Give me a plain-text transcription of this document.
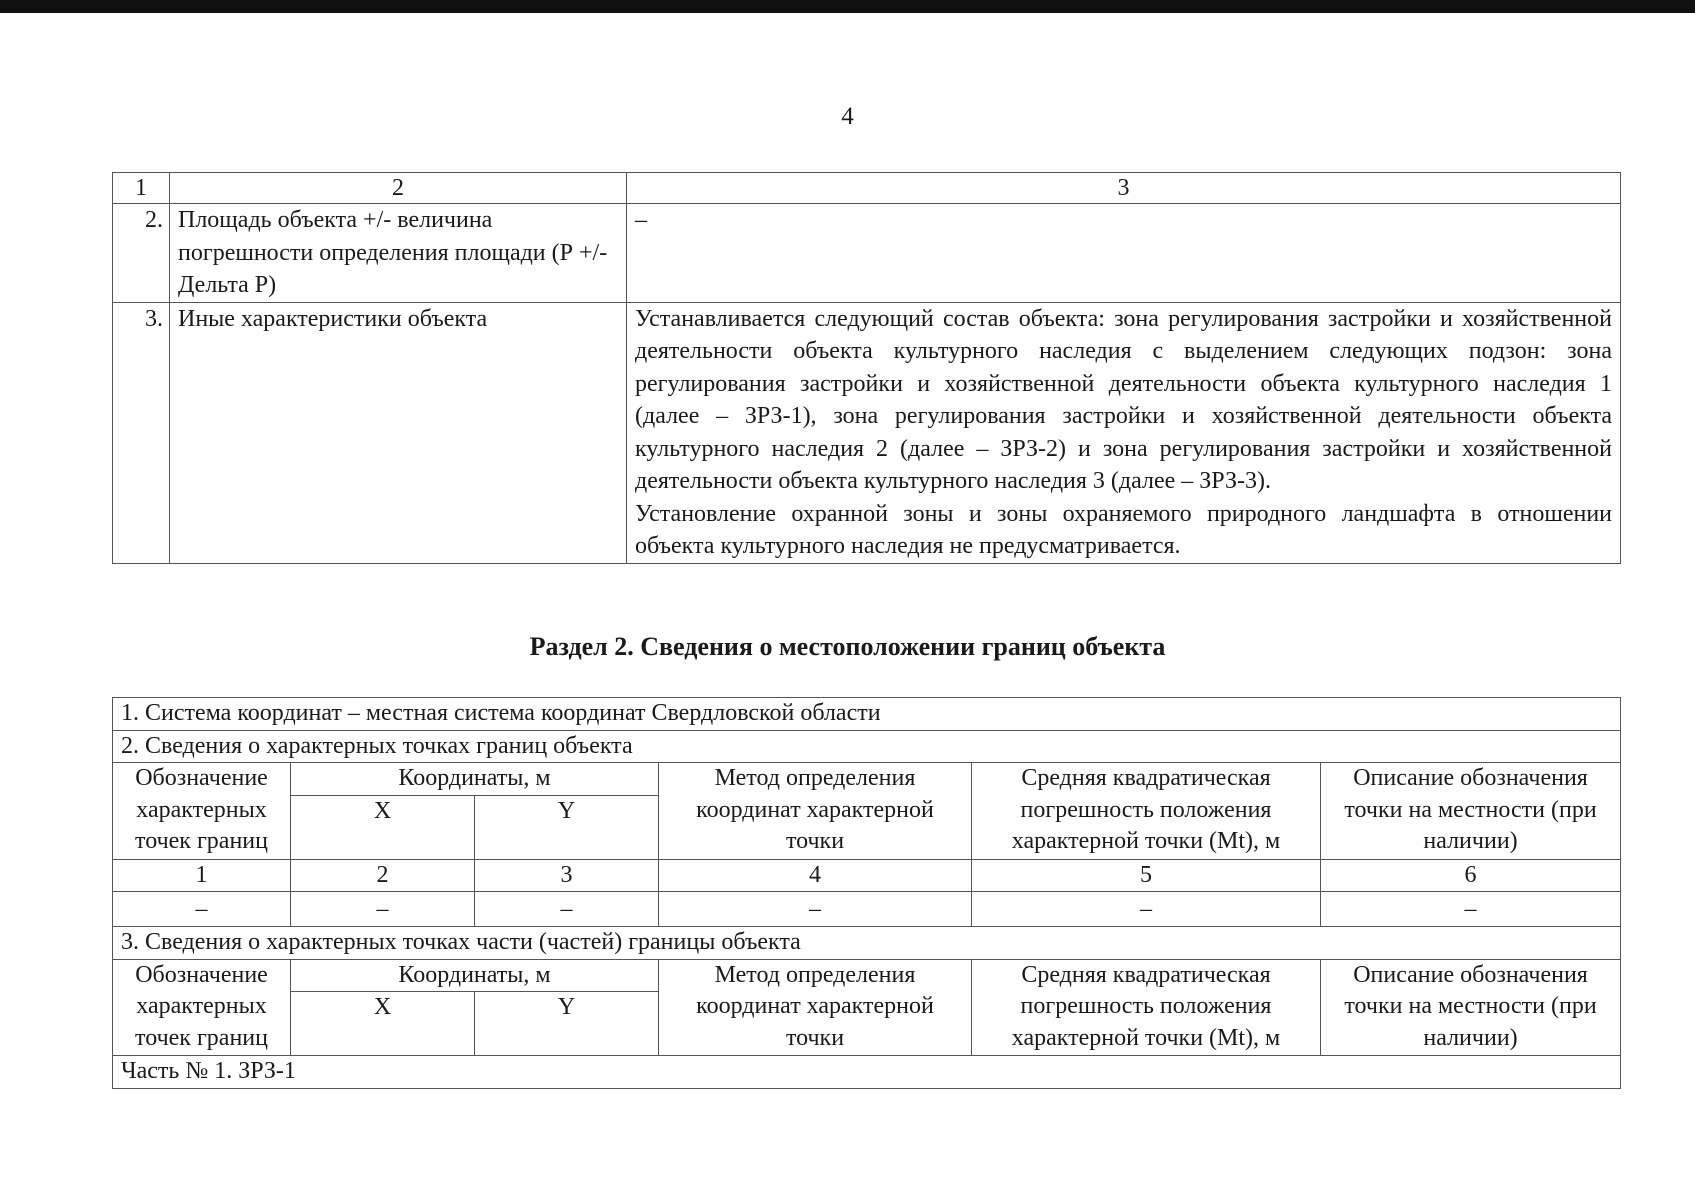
4
1	2	3
2.	Площадь объекта +/- величина погрешности определения площади (Р +/- Дельта Р)	–
3.	Иные характеристики объекта	Устанавливается следующий состав объекта: зона регулирования застройки и хозяйственной деятельности объекта культурного наследия с выделением следующих подзон: зона регулирования застройки и хозяйственной деятельности объекта культурного наследия 1 (далее – ЗРЗ-1), зона регулирования застройки и хозяйственной деятельности объекта культурного наследия 2 (далее – ЗРЗ-2) и зона регулирования застройки и хозяйственной деятельности объекта культурного наследия 3 (далее – ЗРЗ-3).
Установление охранной зоны и зоны охраняемого природного ландшафта в отношении объекта культурного наследия не предусматривается.
Раздел 2. Сведения о местоположении границ объекта
1. Система координат – местная система координат Свердловской области					
2. Сведения о характерных точках границ объекта					
Обозначение характерных точек границ	Координаты, м		Метод определения координат характерной точки	Средняя квадратическая погрешность положения характерной точки (Mt), м	Описание обозначения точки на местности (при наличии)
	X	Y			
1	2	3	4	5	6
–	–	–	–	–	–
3. Сведения о характерных точках части (частей) границы объекта					
Обозначение характерных точек границ	Координаты, м		Метод определения координат характерной точки	Средняя квадратическая погрешность положения характерной точки (Mt), м	Описание обозначения точки на местности (при наличии)
	X	Y			
Часть № 1. ЗРЗ-1					
